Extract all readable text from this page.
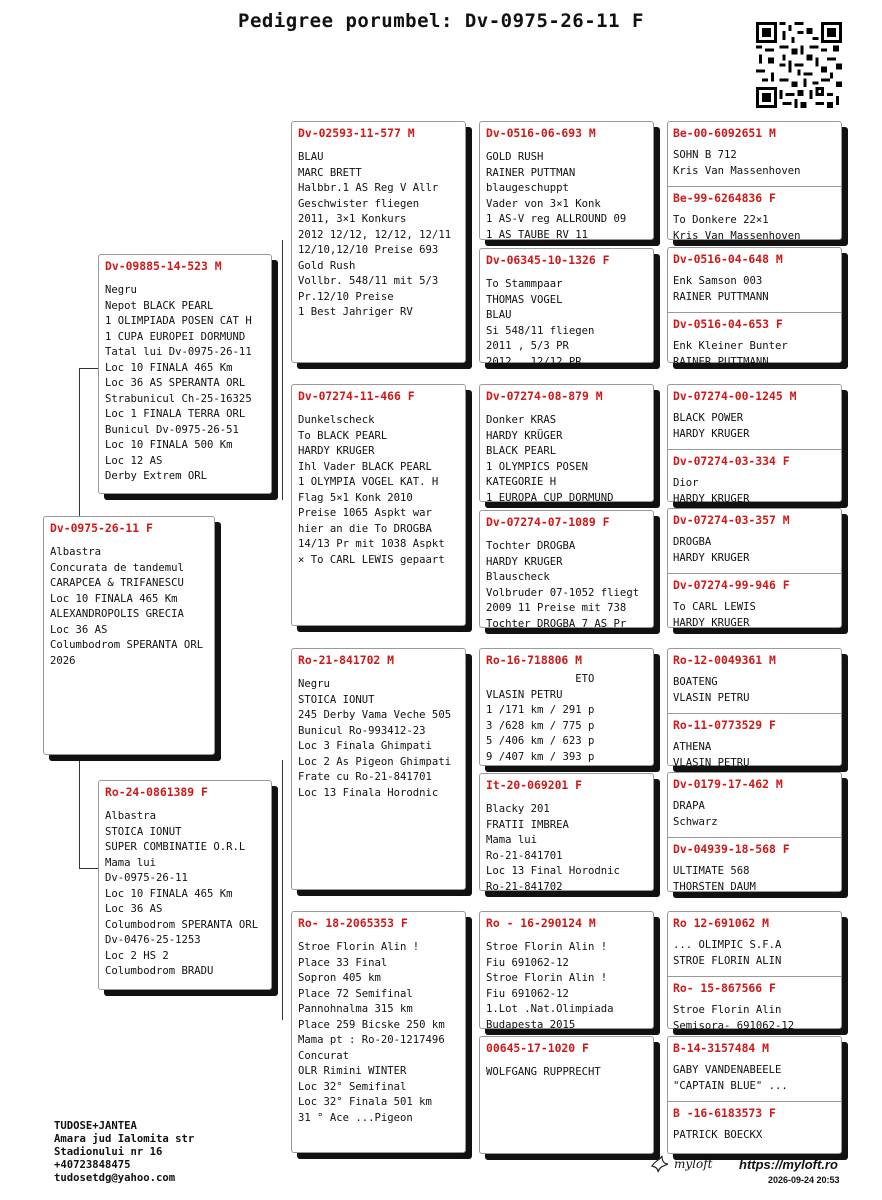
Pedigree porumbel: Dv-0975-26-11 F
Dv-0975-26-11 F
Albastra
Concurata de tandemul
CARAPCEA & TRIFANESCU
Loc 10 FINALA 465 Km
ALEXANDROPOLIS GRECIA
Loc 36 AS
Columbodrom SPERANTA ORL
2026
Dv-09885-14-523 M
Negru
Nepot BLACK PEARL
1 OLIMPIADA POSEN CAT H
1 CUPA EUROPEI DORMUND
Tatal lui Dv-0975-26-11
Loc 10 FINALA 465 Km
Loc 36 AS SPERANTA ORL
Strabunicul Ch-25-16325
Loc 1 FINALA TERRA ORL
Bunicul Dv-0975-26-51
Loc 10 FINALA 500 Km
Loc 12 AS
Derby Extrem ORL
Ro-24-0861389 F
Albastra
STOICA IONUT
SUPER COMBINATIE O.R.L
Mama lui
Dv-0975-26-11
Loc 10 FINALA 465 Km
Loc 36 AS
Columbodrom SPERANTA ORL
Dv-0476-25-1253
Loc 2 HS 2
Columbodrom BRADU
Dv-02593-11-577 M
BLAU
MARC BRETT
Halbbr.1 AS Reg V Allr
Geschwister fliegen
2011, 3×1 Konkurs
2012 12/12, 12/12, 12/11
12/10,12/10 Preise 693
Gold Rush
Vollbr. 548/11 mit 5/3
Pr.12/10 Preise
1 Best Jahriger RV
Dv-07274-11-466 F
Dunkelscheck
To BLACK PEARL
HARDY KRUGER
Ihl Vader BLACK PEARL
1 OLYMPIA VOGEL KAT. H
Flag 5×1 Konk 2010
Preise 1065 Aspkt war
hier an die To DROGBA
14/13 Pr mit 1038 Aspkt
× To CARL LEWIS gepaart
Ro-21-841702 M
Negru
STOICA IONUT
245 Derby Vama Veche 505
Bunicul Ro-993412-23
Loc 3 Finala Ghimpati
Loc 2 As Pigeon Ghimpati
Frate cu Ro-21-841701
Loc 13 Finala Horodnic
Ro- 18-2065353 F
Stroe Florin Alin !
Place 33 Final
Sopron 405 km
Place 72 Semifinal
Pannohnalma 315 km
Place 259 Bicske 250 km
Mama pt : Ro-20-1217496
Concurat
OLR Rimini WINTER
Loc 32° Semifinal
Loc 32° Finala 501 km
31 ° Ace ...Pigeon
Dv-0516-06-693 M
GOLD RUSH
RAINER PUTTMAN
blaugeschuppt
Vader von 3×1 Konk
1 AS-V reg ALLROUND 09
1 AS TAUBE RV 11
Dv-06345-10-1326 F
To Stammpaar
THOMAS VOGEL
BLAU
Si 548/11 fliegen
2011 , 5/3 PR
2012 , 12/12 PR
Dv-07274-08-879 M
Donker KRAS
HARDY KRÜGER
BLACK PEARL
1 OLYMPICS POSEN
KATEGORIE H
1 EUROPA CUP DORMUND
Dv-07274-07-1089 F
Tochter DROGBA
HARDY KRUGER
Blauscheck
Volbruder 07-1052 fliegt
2009 11 Preise mit 738
Tochter DROGBA 7 AS Pr
Ro-16-718806 M
ETO
VLASIN PETRU
1 /171 km / 291 p
3 /628 km / 775 p
5 /406 km / 623 p
9 /407 km / 393 p
It-20-069201 F
Blacky 201
FRATII IMBREA
Mama lui
Ro-21-841701
Loc 13 Final Horodnic
Ro-21-841702
Ro - 16-290124 M
Stroe Florin Alin !
Fiu 691062-12
Stroe Florin Alin !
Fiu 691062-12
1.Lot .Nat.Olimpiada
Budapesta 2015
00645-17-1020 F
WOLFGANG RUPPRECHT
Be-00-6092651 M
SOHN B 712
Kris Van Massenhoven
Be-99-6264836 F
To Donkere 22×1
Kris Van Massenhoven
Dv-0516-04-648 M
Enk Samson 003
RAINER PUTTMANN
Dv-0516-04-653 F
Enk Kleiner Bunter
RAINER PUTTMANN
Dv-07274-00-1245 M
BLACK POWER
HARDY KRUGER
Dv-07274-03-334 F
Dior
HARDY KRUGER
Dv-07274-03-357 M
DROGBA
HARDY KRUGER
Dv-07274-99-946 F
To CARL LEWIS
HARDY KRUGER
Ro-12-0049361 M
BOATENG
VLASIN PETRU
Ro-11-0773529 F
ATHENA
VLASIN PETRU
Dv-0179-17-462 M
DRAPA
Schwarz
Dv-04939-18-568 F
ULTIMATE 568
THORSTEN DAUM
Ro 12-691062 M
... OLIMPIC S.F.A
STROE FLORIN ALIN
Ro- 15-867566 F
Stroe Florin Alin
Semisora- 691062-12
B-14-3157484 M
GABY VANDENABEELE
"CAPTAIN BLUE" ...
B -16-6183573 F
PATRICK BOECKX
TUDOSE+JANTEA
Amara jud Ialomita str
Stadionului nr 16
+40723848475
tudosetdg@yahoo.com
myloft https://myloft.ro
2026-09-24 20:53
